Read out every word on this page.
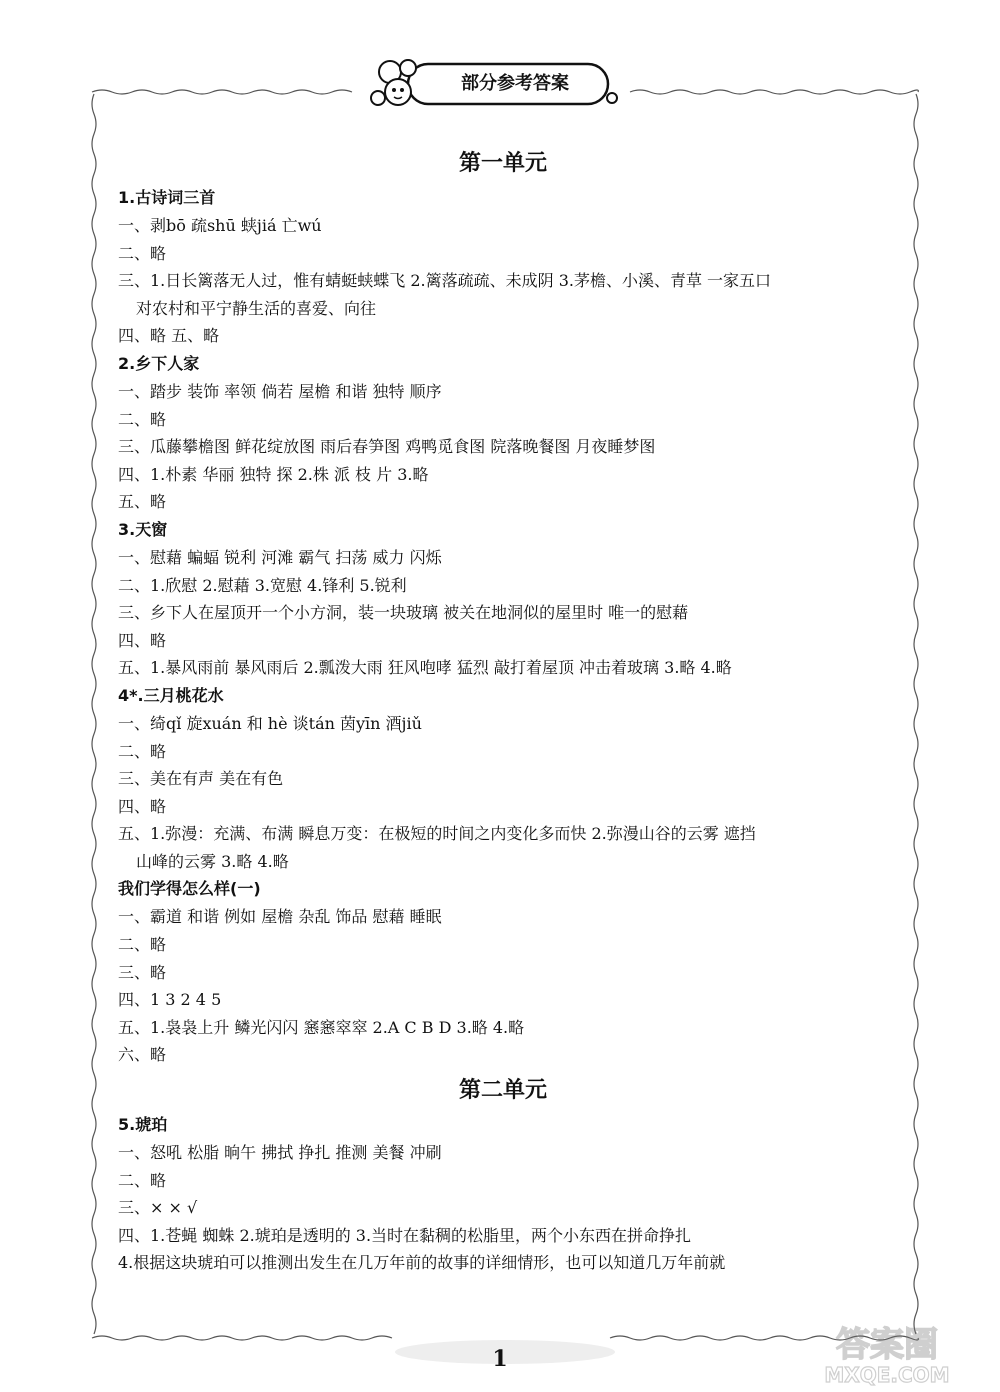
部分参考答案
第一单元
1.古诗词三首
一、剥bō 疏shū 蛱jiá 亡wú
二、略
三、1.日长篱落无人过，惟有蜻蜓蛱蝶飞 2.篱落疏疏、未成阴 3.茅檐、小溪、青草 一家五口
对农村和平宁静生活的喜爱、向往
四、略 五、略
2.乡下人家
一、踏步 装饰 率领 倘若 屋檐 和谐 独特 顺序
二、略
三、瓜藤攀檐图 鲜花绽放图 雨后春笋图 鸡鸭觅食图 院落晚餐图 月夜睡梦图
四、1.朴素 华丽 独特 探 2.株 派 枝 片 3.略
五、略
3.天窗
一、慰藉 蝙蝠 锐利 河滩 霸气 扫荡 威力 闪烁
二、1.欣慰 2.慰藉 3.宽慰 4.锋利 5.锐利
三、乡下人在屋顶开一个小方洞，装一块玻璃 被关在地洞似的屋里时 唯一的慰藉
四、略
五、1.暴风雨前 暴风雨后 2.瓢泼大雨 狂风咆哮 猛烈 敲打着屋顶 冲击着玻璃 3.略 4.略
4*.三月桃花水
一、绮qǐ 旋xuán 和 hè 谈tán 茵yīn 酒jiǔ
二、略
三、美在有声 美在有色
四、略
五、1.弥漫：充满、布满 瞬息万变：在极短的时间之内变化多而快 2.弥漫山谷的云雾 遮挡
山峰的云雾 3.略 4.略
我们学得怎么样(一)
一、霸道 和谐 例如 屋檐 杂乱 饰品 慰藉 睡眠
二、略
三、略
四、1 3 2 4 5
五、1.袅袅上升 鳞光闪闪 窸窸窣窣 2.A C B D 3.略 4.略
六、略
第二单元
5.琥珀
一、怒吼 松脂 晌午 拂拭 挣扎 推测 美餐 冲刷
二、略
三、× × √
四、1.苍蝇 蜘蛛 2.琥珀是透明的 3.当时在黏稠的松脂里，两个小东西在拼命挣扎
4.根据这块琥珀可以推测出发生在几万年前的故事的详细情形，也可以知道几万年前就
1	答案圈
MXQE.COM
